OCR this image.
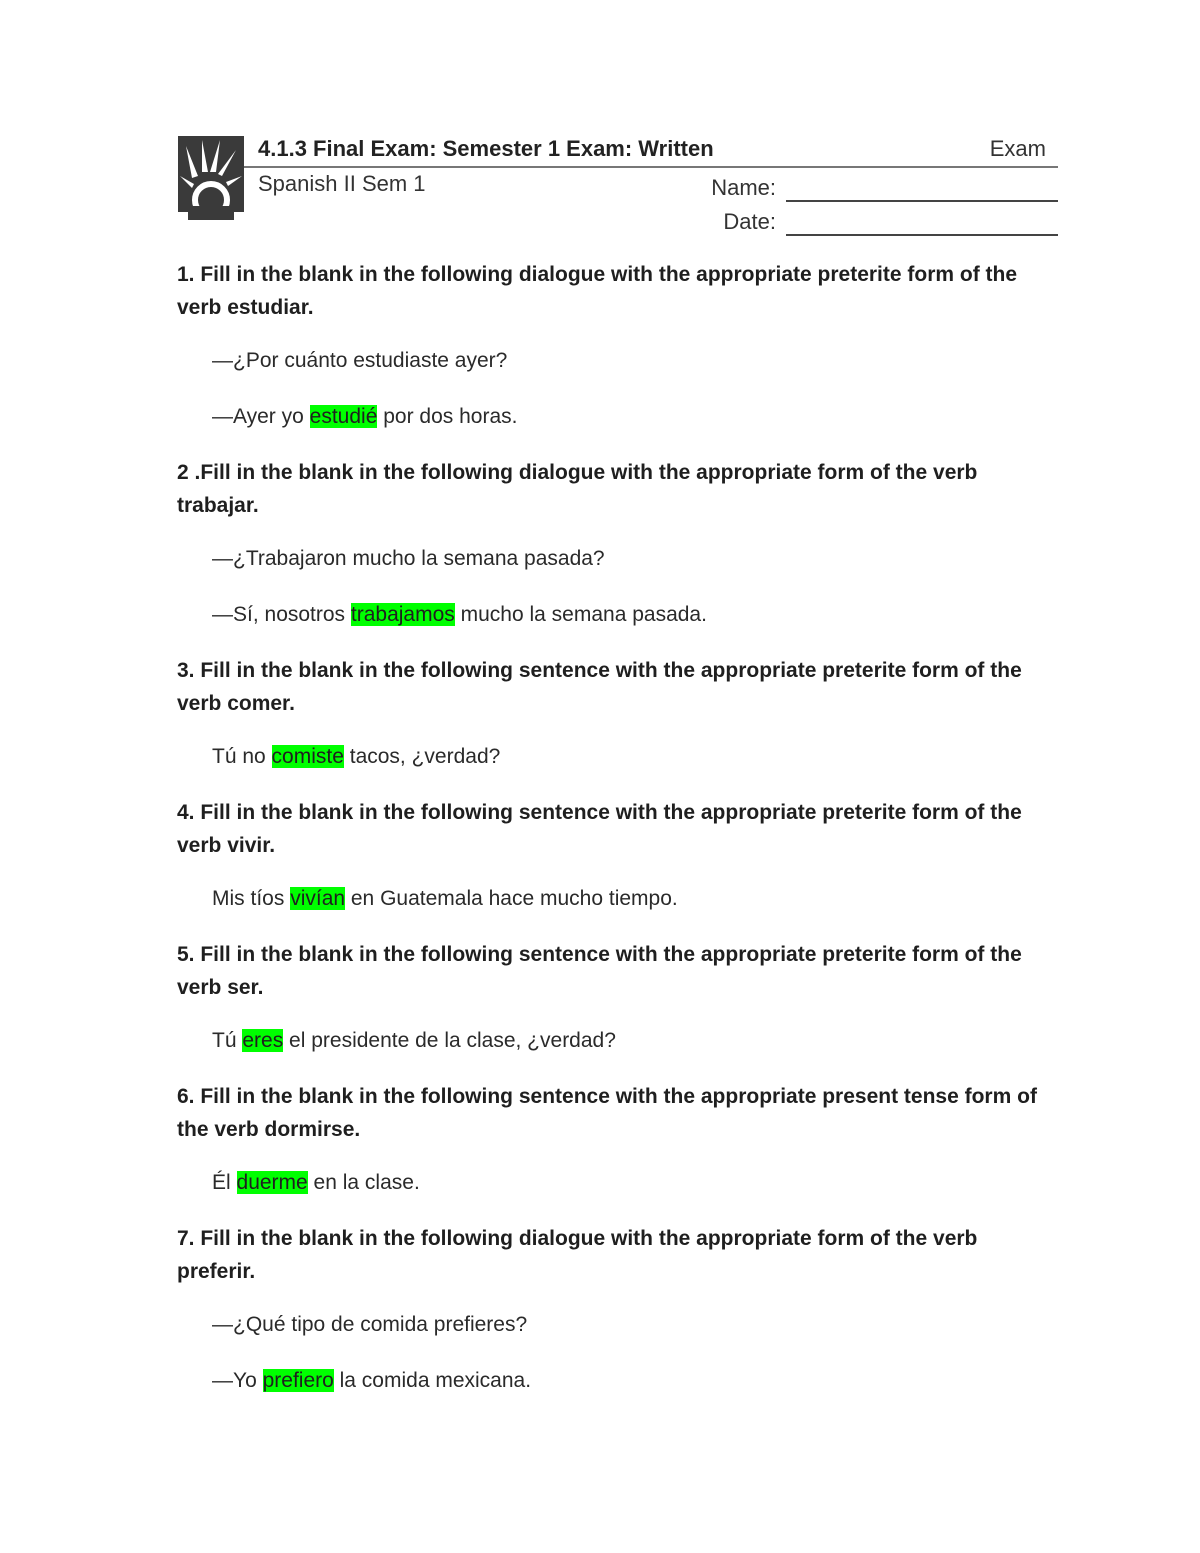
4.1.3 Final Exam: Semester 1 Exam: Written	Exam
Spanish II Sem 1	Name:
Date:

1. Fill in the blank in the following dialogue with the appropriate preterite form of the verb estudiar.

—¿Por cuánto estudiaste ayer?

—Ayer yo estudié por dos horas.

2 .Fill in the blank in the following dialogue with the appropriate form of the verb trabajar.

—¿Trabajaron mucho la semana pasada?

—Sí, nosotros trabajamos mucho la semana pasada.

3. Fill in the blank in the following sentence with the appropriate preterite form of the verb comer.

Tú no comiste tacos, ¿verdad?

4. Fill in the blank in the following sentence with the appropriate preterite form of the verb vivir.

Mis tíos vivían en Guatemala hace mucho tiempo.

5. Fill in the blank in the following sentence with the appropriate preterite form of the verb ser.

Tú eres el presidente de la clase, ¿verdad?

6. Fill in the blank in the following sentence with the appropriate present tense form of the verb dormirse.

Él duerme en la clase.

7. Fill in the blank in the following dialogue with the appropriate form of the verb preferir.

—¿Qué tipo de comida prefieres?

—Yo prefiero la comida mexicana.
